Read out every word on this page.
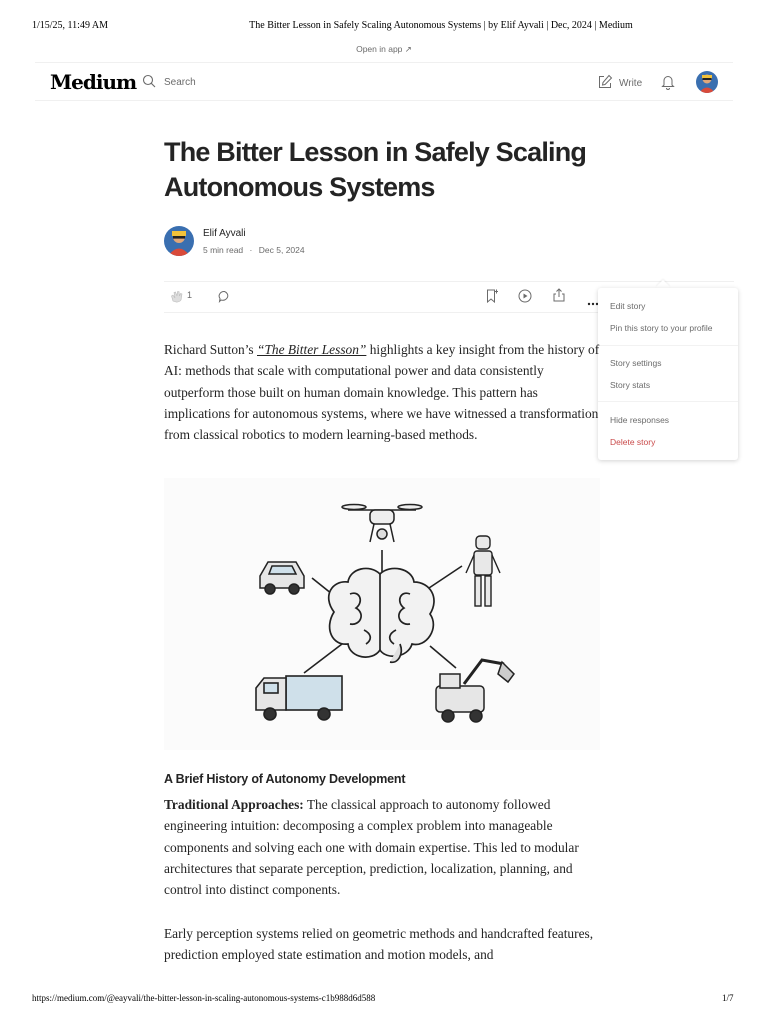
1/15/25, 11:49 AM	The Bitter Lesson in Safely Scaling Autonomous Systems | by Elif Ayvali | Dec, 2024 | Medium
Open in app ↗
Medium	Search	Write
The Bitter Lesson in Safely Scaling Autonomous Systems
Elif Ayvali
5 min read · Dec 5, 2024
1
Edit story
Pin this story to your profile
Story settings
Story stats
Hide responses
Delete story

Richard Sutton’s “The Bitter Lesson” highlights a key insight from the history of AI: methods that scale with computational power and data consistently outperform those built on human domain knowledge. This pattern has implications for autonomous systems, where we have witnessed a transformation from classical robotics to modern learning-based methods.

A Brief History of Autonomy Development

Traditional Approaches: The classical approach to autonomy followed engineering intuition: decomposing a complex problem into manageable components and solving each one with domain expertise. This led to modular architectures that separate perception, prediction, localization, planning, and control into distinct components.

Early perception systems relied on geometric methods and handcrafted features, prediction employed state estimation and motion models, and

https://medium.com/@eayvali/the-bitter-lesson-in-scaling-autonomous-systems-c1b988d6d588	1/7
